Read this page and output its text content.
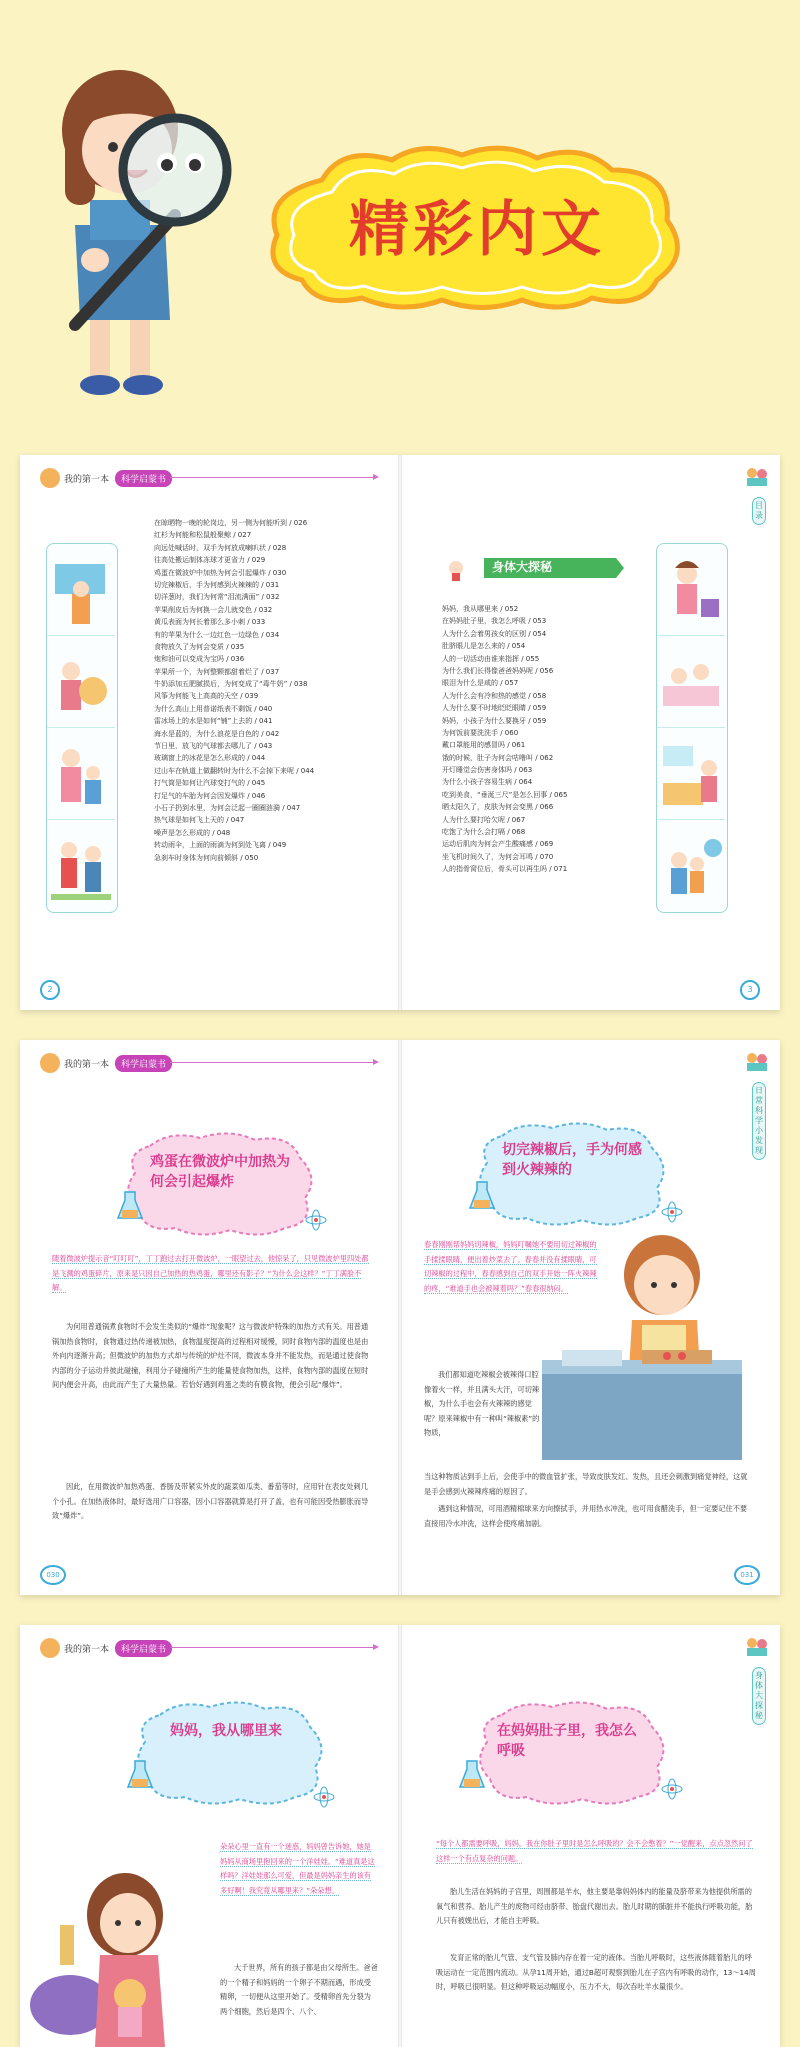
精彩内文
我的第一本	科学启蒙书
在晾晒物一晚的轮岗边，另一侧为何能听到 / 026
红杉为何能和松鼠般聚鲸 / 027
向远处喊话时，双手为何放成喇叭状 / 028
往高处搬运制体冻球才更省力 / 029
鸡蛋在微波炉中加热为何会引起爆炸 / 030
切完辣椒后，手为何感到火辣辣的 / 031
切洋葱时，我们为何常“泪流满面” / 032
苹果削皮后为何换一会儿就变色 / 032
黄瓜表面为何长着那么多小刺 / 033
有的苹果为什么一边红色一边绿色 / 034
食物放久了为何会变质 / 035
炮和油可以变成为宝吗 / 036
苹果所一个，为何整颗都甜着烂了 / 037
牛奶添加五肥腻损后，为何变成了“毒牛奶” / 038
风筝为何能飞上高高的天空 / 039
为什么高山上用普诺纸表不剩饭 / 040
雷冰场上的水是如何“铺”上去的 / 041
海水是蓝的，为什么浪花是白色的 / 042
节日里，放飞的气球都去哪儿了 / 043
玻璃窗上的冰花是怎么形成的 / 044
过山车在轨道上做翻转时为什么不会掉下来呢 / 044
打气筒是如何让汽球变打气的 / 045
打足气的车胎为何会因发爆炸 / 046
小石子扔到水里，为何会泛起一圈圈涟漪 / 047
热气球是如何飞上天的 / 047
噪声是怎么形成的 / 048
转动雨伞，上面的雨滴为何到处飞离 / 049
急刹车时身体为何向前倾斜 / 050
2
目录
身体大探秘
妈妈，我从哪里来 / 052
在妈妈肚子里，我怎么呼吸 / 053
人为什么会着男孩女的区别 / 054
肚脐眼儿是怎么来的 / 054
人的一切活动由谁来指挥 / 055
为什么我们长得像爸爸妈妈呢 / 056
眼泪为什么是咸的 / 057
人为什么会有冷和热的感觉 / 058
人为什么要不时地眨眨眼睛 / 059
妈妈，小孩子为什么要换牙 / 059
为何饭前要洗洗手 / 060
戴口罩能用的感冒吗 / 061
饿的时候，肚子为何会咕噜叫 / 062
开灯睡觉会伤害身体吗 / 063
为什么小孩子容易生病 / 064
吃到美食，“垂涎三尺”是怎么回事 / 065
晒太阳久了，皮肤为何会变黑 / 066
人为什么要打哈欠呢 / 067
吃饱了为什么会打嗝 / 068
运动后肌肉为何会产生酸痛感 / 069
坐飞机时间久了，为何会耳鸣 / 070
人的指骨窝位后，骨头可以再生吗 / 071
3
我的第一本	科学启蒙书
鸡蛋在微波炉中加热为何会引起爆炸
随着微波炉提示音“叮叮叮”，丁丁跑过去打开微波炉，一眼望过去，他惊呆了，只见微波炉里四处都是飞溅的鸡蛋碎片，原来是只因自己加热的热鸡蛋，哪里还有影子？“为什么会这样？”丁丁满脸不解。
为何用普通锅煮食物时不会发生类似的“爆炸”现象呢？这与微波炉特殊的加热方式有关。用普通锅加热食物时，食物通过热传递被加热，食物温度提高的过程相对缓慢，同时食物内部的温度也是由外向内逐渐升高；但微波炉的加热方式却与传统的炉灶不同，微波本身并不能发热，而是通过使食物内部的分子运动并彼此碰撞，利用分子碰撞所产生的能量使食物加热，这样，食物内部的温度在短时间内便会升高，由此而产生了大量热量。若恰好遇到鸡蛋之类的有膜食物，便会引起“爆炸”。
因此，在用微波炉加热鸡蛋、香肠及带紧实外皮的蔬菜如瓜类、番茄等时，应用针在表皮处刺几个小孔。在加热液体时，最好选用广口容器，因小口容器就算是打开了盖，也有可能因受热膨胀而导致“爆炸”。
030
日常科学小发现
切完辣椒后，手为何感到火辣辣的
春春刚刚帮妈妈切辣椒，妈妈叮嘱她不要用切过辣椒的手揉揉眼睛，便出着炒菜去了。春春并没有揉眼睛，可切辣椒的过程中，春春感到自己的双手开始一阵火辣辣的疼，“难道手也会被辣着吗？”春春很纳闷。
我们都知道吃辣椒会被辣得口腔像着火一样，并且满头大汗，可切辣椒，为什么手也会有火辣辣的感觉呢？原来辣椒中有一种叫“辣椒素”的物质，
当这种物质沾到手上后，会使手中的微血管扩张，导致皮肤发红、发热，且还会刺激到痛觉神经，这就是手会感到火辣辣疼痛的原因了。
遇到这种情况，可用酒精棉球来方向擦拭手，并用热水冲洗，也可用食醋洗手，但一定要记住不要直接用冷水冲洗，这样会使疼痛加剧。
031
我的第一本	科学启蒙书
妈妈，我从哪里来
朵朵心里一直有一个迷惑，妈妈曾告诉她，她是妈妈从商场里抱回来的一个洋娃娃。“难道真是这样吗？洋娃娃那么可爱，但最是妈妈亲生的该有多好啊！我究竟从哪里来？”朵朵想。
大千世界，所有的孩子都是由父母所生。爸爸的一个精子和妈妈的一个卵子不期而遇，形成受精卵，一切便从这里开始了。受精卵首先分裂为两个细胞，然后是四个、八个、
身体大探秘
在妈妈肚子里，我怎么呼吸
“每个人都需要呼吸，妈妈，我在你肚子里时是怎么呼吸的？会不会憋着？”一觉醒来，点点忽然问了这样一个有点复杂的问题。
胎儿生活在妈妈的子宫里，周围都是羊水，他主要是靠妈妈体内的能量及脐带来为他提供所需的氧气和营养。胎儿产生的废物可经由脐带、胎盘代谢出去。胎儿时期的肺脏并不能执行呼吸功能，胎儿只有被娩出后，才能自主呼吸。
发育正常的胎儿气管、支气管及肺内存在着一定的液体。当胎儿呼吸时，这些液体随着胎儿的呼吸运动在一定范围内流动。从孕11周开始，通过B超可观察到胎儿在子宫内有呼吸的动作，13～14周时，呼吸已很明显。但这种呼吸运动幅度小，压力不大，每次吞吐羊水量很少。
